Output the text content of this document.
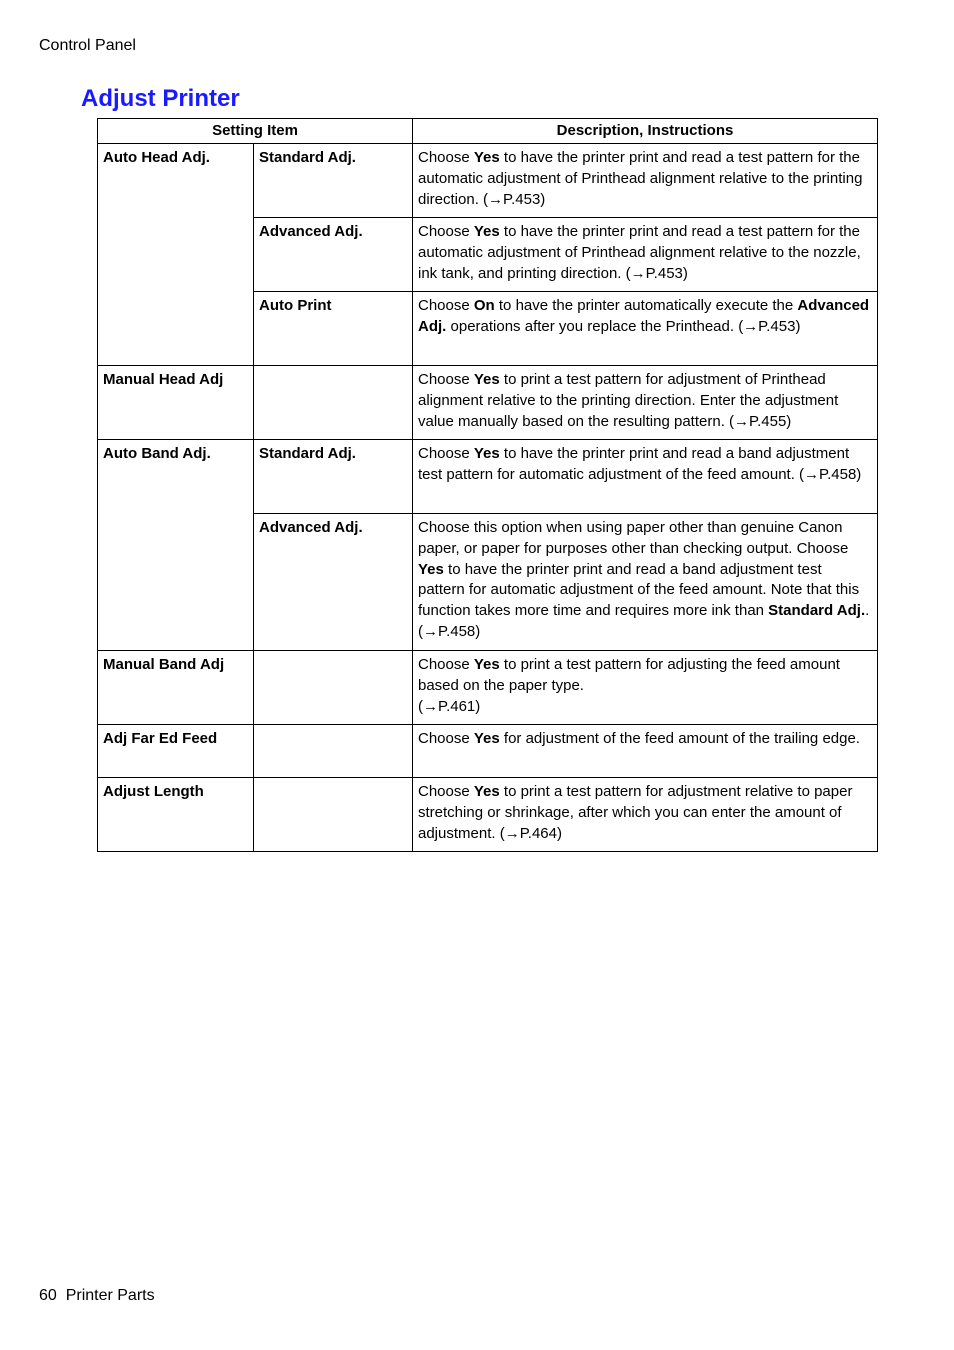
Control Panel
Adjust Printer
Setting Item		Description, Instructions
Auto Head Adj.	Standard Adj.	Choose Yes to have the printer print and read a test pattern for the automatic adjustment of Printhead alignment relative to the printing direction. (→P.453)
	Advanced Adj.	Choose Yes to have the printer print and read a test pattern for the automatic adjustment of Printhead alignment relative to the nozzle, ink tank, and printing direction. (→P.453)
	Auto Print	Choose On to have the printer automatically execute the Advanced Adj. operations after you replace the Printhead. (→P.453)
Manual Head Adj		Choose Yes to print a test pattern for adjustment of Printhead alignment relative to the printing direction. Enter the adjustment value manually based on the resulting pattern. (→P.455)
Auto Band Adj.	Standard Adj.	Choose Yes to have the printer print and read a band adjustment test pattern for automatic adjustment of the feed amount. (→P.458)
	Advanced Adj.	Choose this option when using paper other than genuine Canon paper, or paper for purposes other than checking output. Choose Yes to have the printer print and read a band adjustment test pattern for automatic adjustment of the feed amount. Note that this function takes more time and requires more ink than Standard Adj.. (→P.458)
Manual Band Adj		Choose Yes to print a test pattern for adjusting the feed amount based on the paper type.
(→P.461)
Adj Far Ed Feed		Choose Yes for adjustment of the feed amount of the trailing edge.
Adjust Length		Choose Yes to print a test pattern for adjustment relative to paper stretching or shrinkage, after which you can enter the amount of adjustment. (→P.464)
60 Printer Parts
